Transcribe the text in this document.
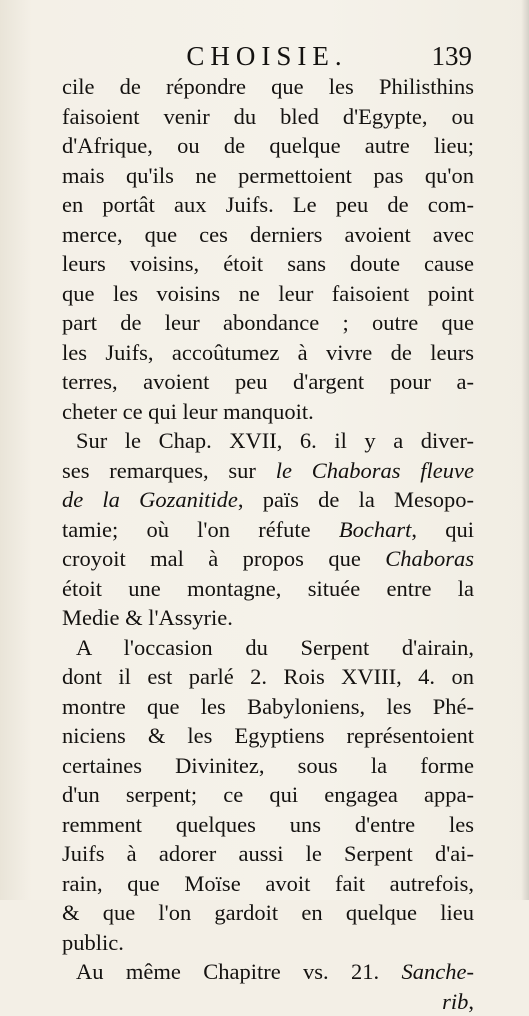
CHOISIE.	139
cile de répondre que les Philisthins
faisoient venir du bled d'Egypte, ou
d'Afrique, ou de quelque autre lieu;
mais qu'ils ne permettoient pas qu'on
en portât aux Juifs. Le peu de com-
merce, que ces derniers avoient avec
leurs voisins, étoit sans doute cause
que les voisins ne leur faisoient point
part de leur abondance ; outre que
les Juifs, accoûtumez à vivre de leurs
terres, avoient peu d'argent pour a-
cheter ce qui leur manquoit.
Sur le Chap. XVII, 6. il y a diver-
ses remarques, sur le Chaboras fleuve
de la Gozanitide, païs de la Mesopo-
tamie; où l'on réfute Bochart, qui
croyoit mal à propos que Chaboras
étoit une montagne, située entre la
Medie & l'Assyrie.
A l'occasion du Serpent d'airain,
dont il est parlé 2. Rois XVIII, 4. on
montre que les Babyloniens, les Phé-
niciens & les Egyptiens représentoient
certaines Divinitez, sous la forme
d'un serpent; ce qui engagea appa-
remment quelques uns d'entre les
Juifs à adorer aussi le Serpent d'ai-
rain, que Moïse avoit fait autrefois,
& que l'on gardoit en quelque lieu
public.
Au même Chapitre vs. 21. Sanche-
rib,
